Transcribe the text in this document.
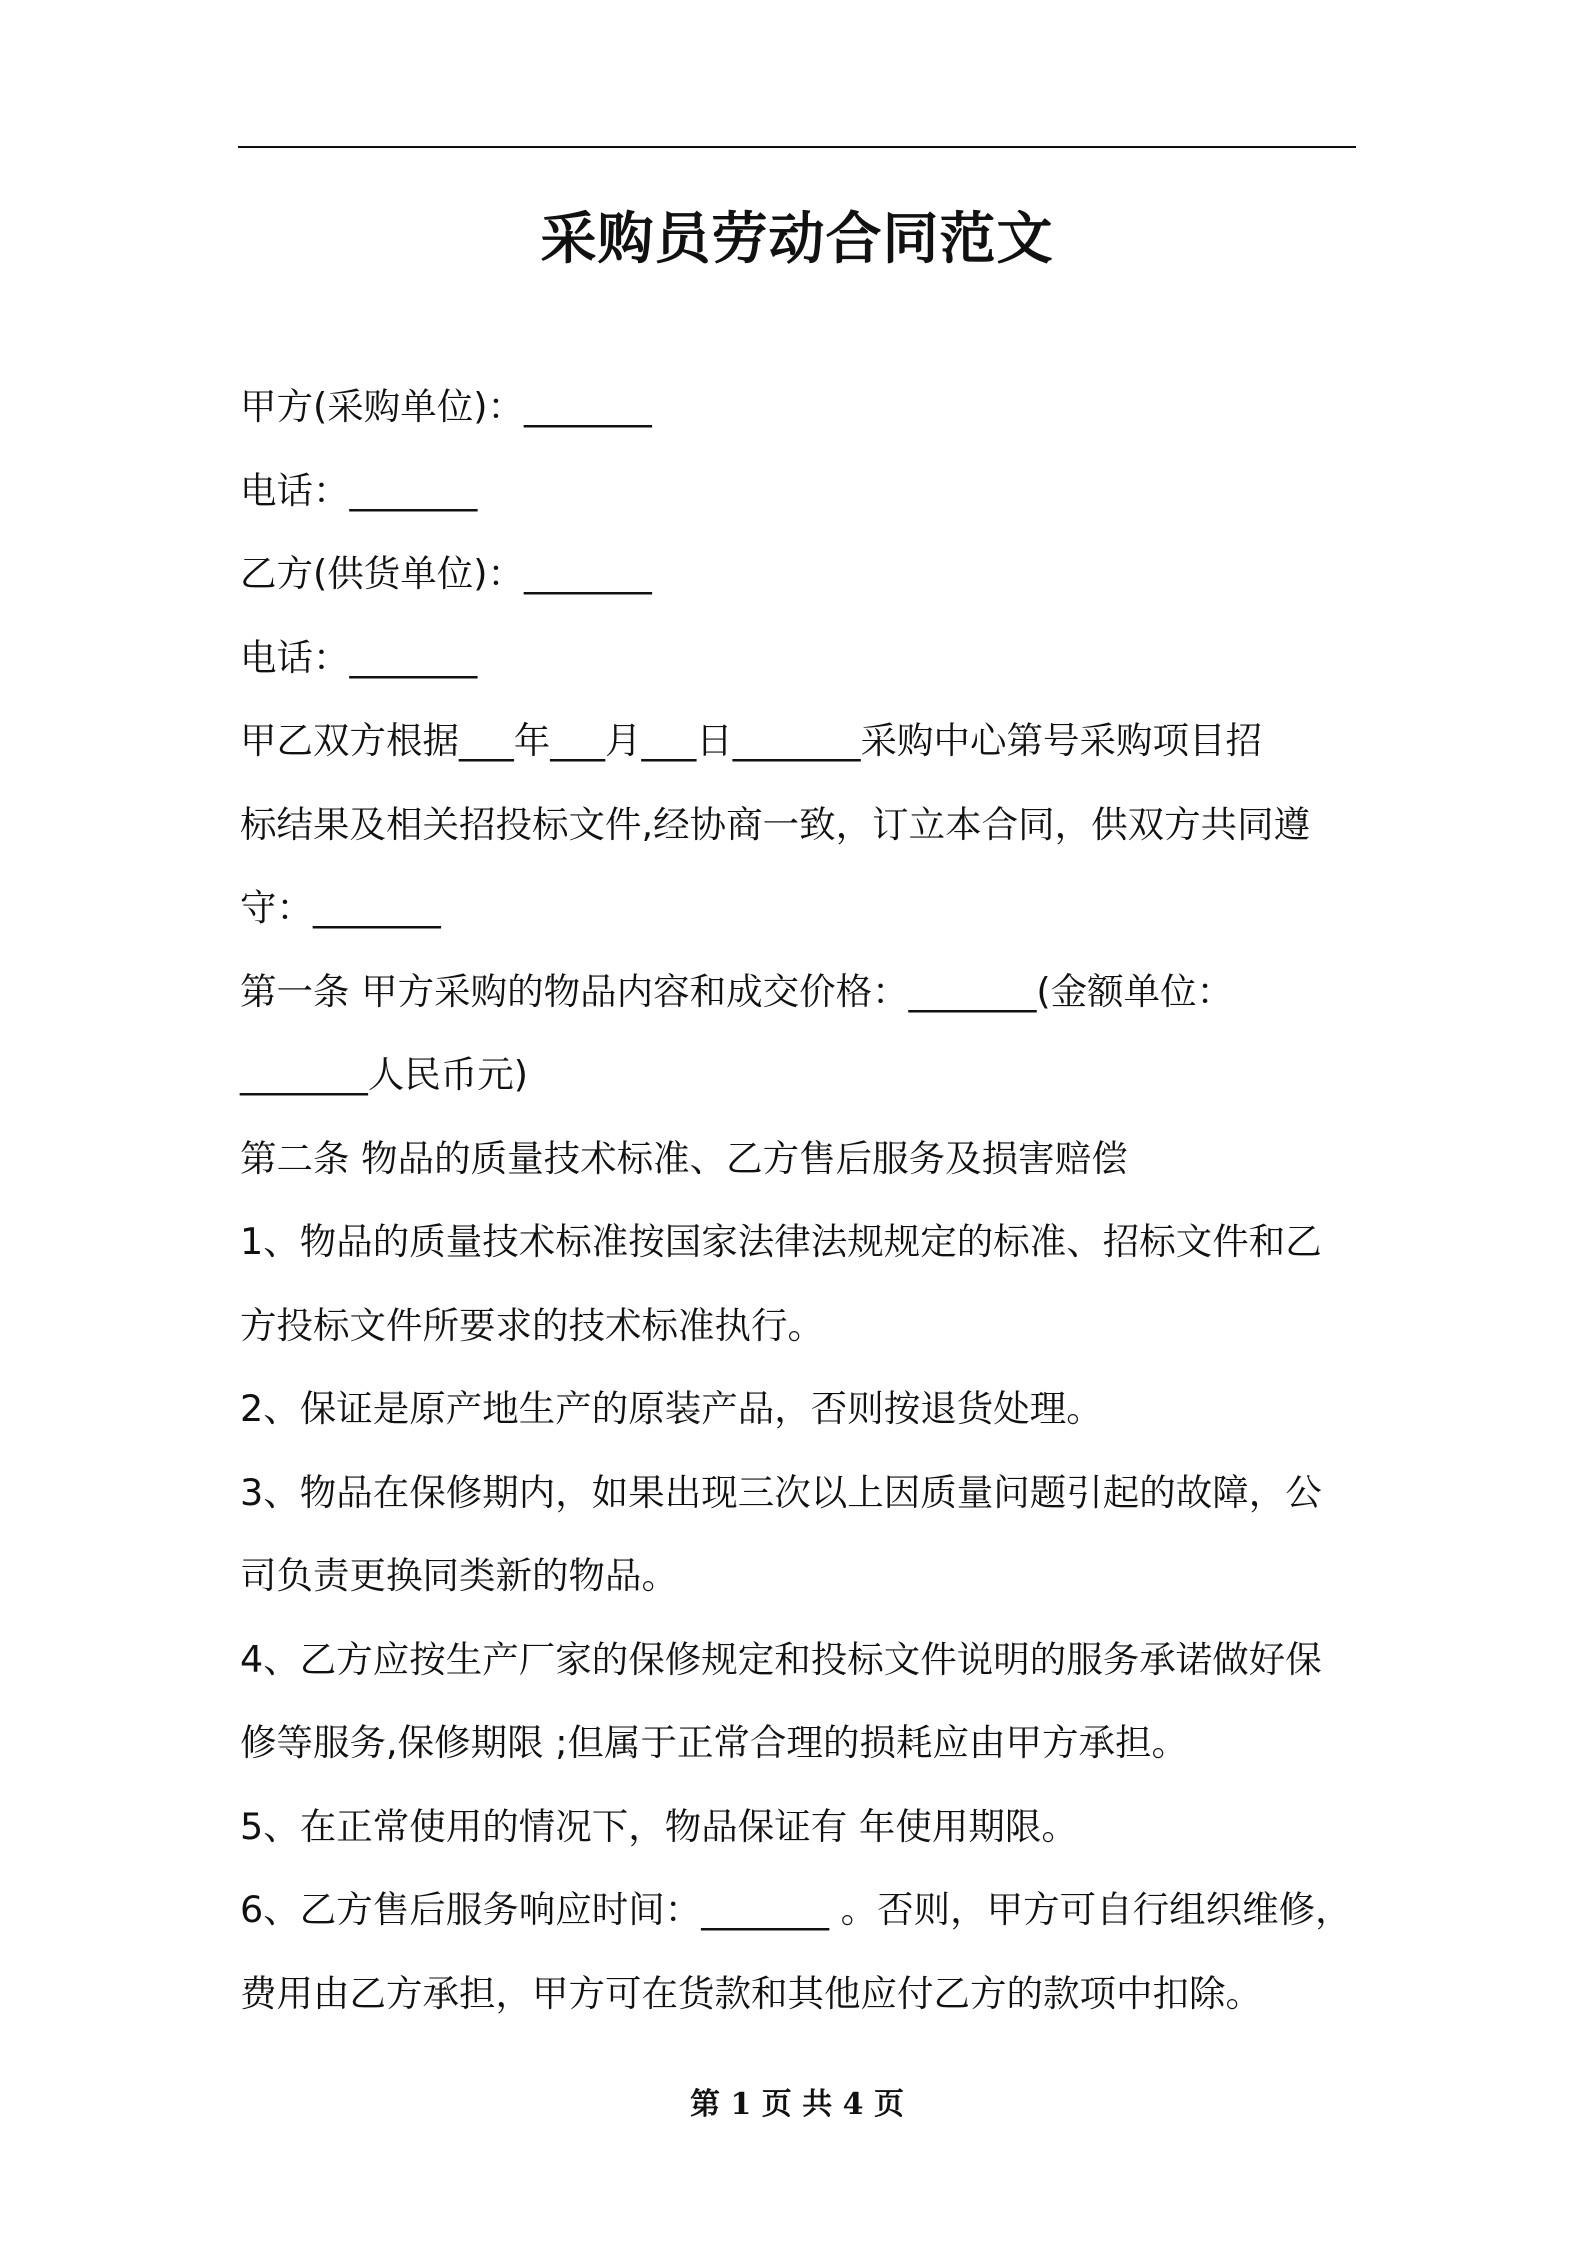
采购员劳动合同范文
甲方(采购单位)：_______
电话：_______
乙方(供货单位)：_______
电话：_______
甲乙双方根据___年___月___日_______采购中心第号采购项目招
标结果及相关招投标文件,经协商一致，订立本合同，供双方共同遵
守：_______
第一条 甲方采购的物品内容和成交价格：_______(金额单位：
_______人民币元)
第二条 物品的质量技术标准、乙方售后服务及损害赔偿
1、物品的质量技术标准按国家法律法规规定的标准、招标文件和乙
方投标文件所要求的技术标准执行。
2、保证是原产地生产的原装产品，否则按退货处理。
3、物品在保修期内，如果出现三次以上因质量问题引起的故障，公
司负责更换同类新的物品。
4、乙方应按生产厂家的保修规定和投标文件说明的服务承诺做好保
修等服务,保修期限 ;但属于正常合理的损耗应由甲方承担。
5、在正常使用的情况下，物品保证有 年使用期限。
6、乙方售后服务响应时间：_______ 。否则，甲方可自行组织维修，
费用由乙方承担，甲方可在货款和其他应付乙方的款项中扣除。
第 1 页 共 4 页
